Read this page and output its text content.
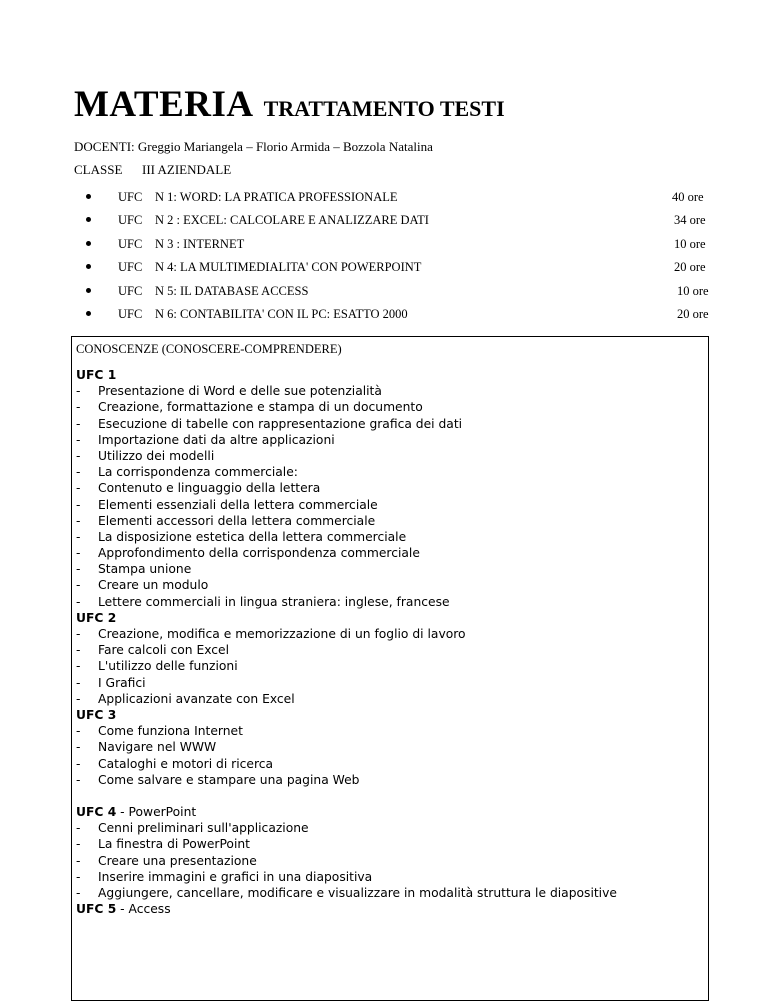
MATERIA TRATTAMENTO TESTI
DOCENTI: Greggio Mariangela – Florio Armida – Bozzola Natalina
CLASSE III AZIENDALE
UFC N 1: WORD: LA PRATICA PROFESSIONALE	40 ore
UFC N 2 : EXCEL: CALCOLARE E ANALIZZARE DATI	34 ore
UFC N 3 : INTERNET	10 ore
UFC N 4: LA MULTIMEDIALITA' CON POWERPOINT	20 ore
UFC N 5: IL DATABASE ACCESS	10 ore
UFC N 6: CONTABILITA' CON IL PC: ESATTO 2000	20 ore
CONOSCENZE (CONOSCERE-COMPRENDERE)
UFC 1
- Presentazione di Word e delle sue potenzialità
- Creazione, formattazione e stampa di un documento
- Esecuzione di tabelle con rappresentazione grafica dei dati
- Importazione dati da altre applicazioni
- Utilizzo dei modelli
- La corrispondenza commerciale:
- Contenuto e linguaggio della lettera
- Elementi essenziali della lettera commerciale
- Elementi accessori della lettera commerciale
- La disposizione estetica della lettera commerciale
- Approfondimento della corrispondenza commerciale
- Stampa unione
- Creare un modulo
- Lettere commerciali in lingua straniera: inglese, francese
UFC 2
- Creazione, modifica e memorizzazione di un foglio di lavoro
- Fare calcoli con Excel
- L'utilizzo delle funzioni
- I Grafici
- Applicazioni avanzate con Excel
UFC 3
- Come funziona Internet
- Navigare nel WWW
- Cataloghi e motori di ricerca
- Come salvare e stampare una pagina Web
UFC 4 - PowerPoint
- Cenni preliminari sull'applicazione
- La finestra di PowerPoint
- Creare una presentazione
- Inserire immagini e grafici in una diapositiva
- Aggiungere, cancellare, modificare e visualizzare in modalità struttura le diapositive
UFC 5 - Access
